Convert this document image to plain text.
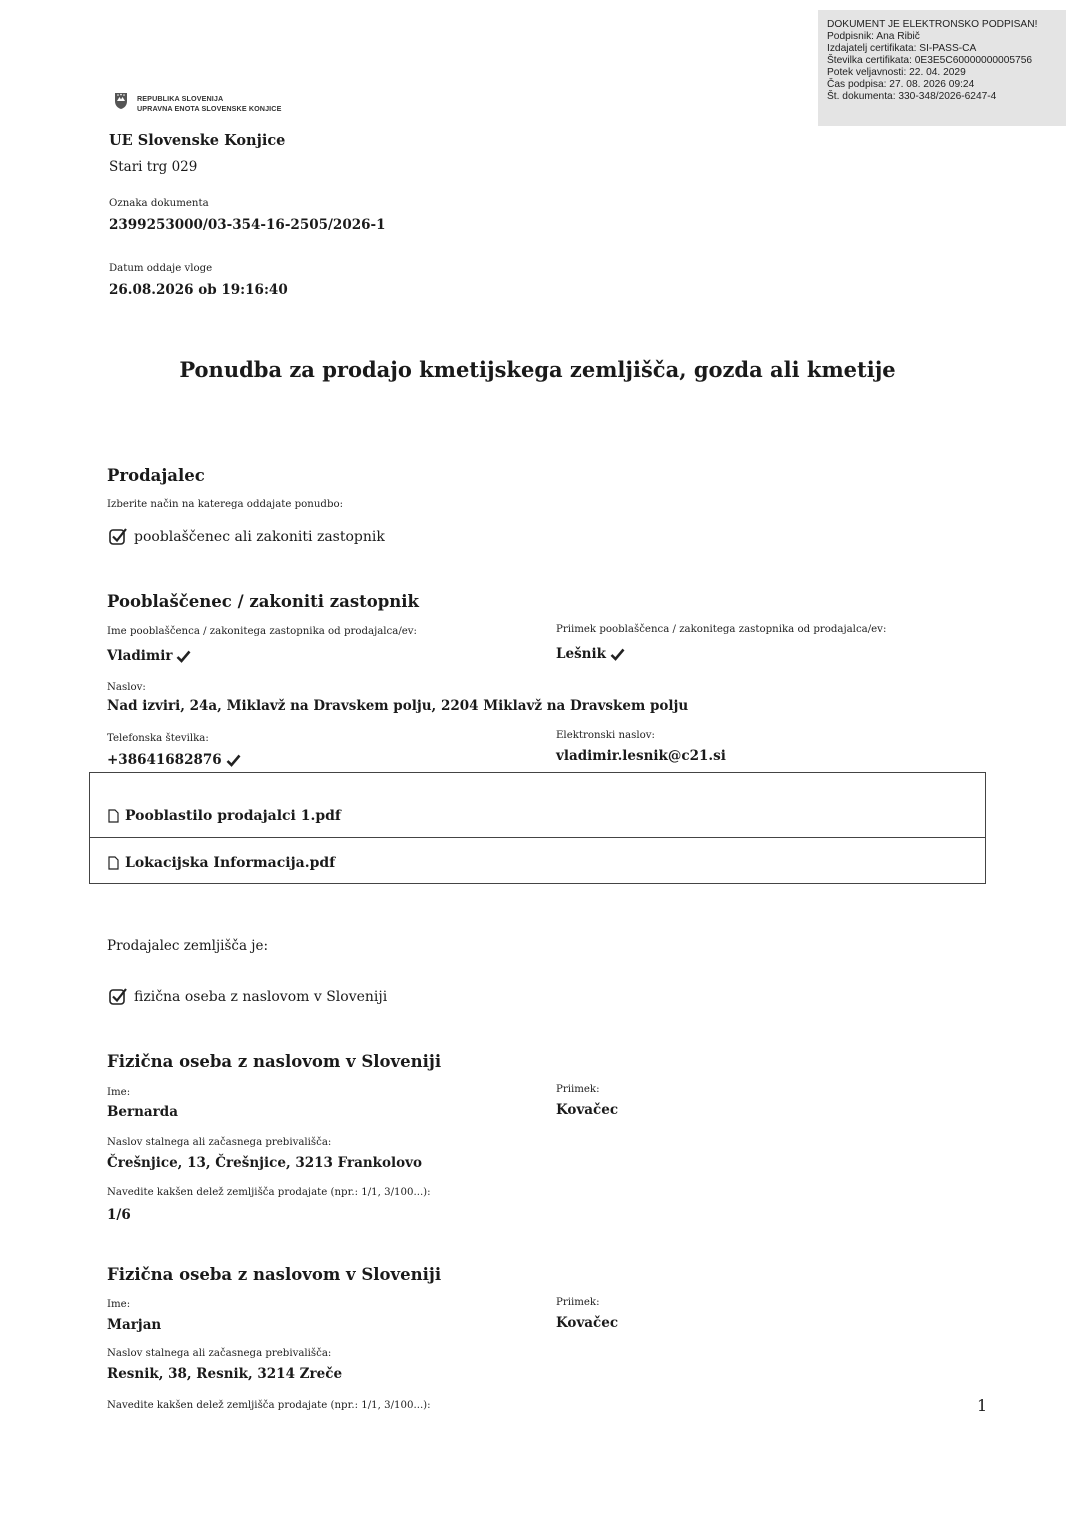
DOKUMENT JE ELEKTRONSKO PODPISAN!
Podpisnik: Ana Ribič
Izdajatelj certifikata: SI-PASS-CA
Številka certifikata: 0E3E5C60000000005756
Potek veljavnosti: 22. 04. 2029
Čas podpisa: 27. 08. 2026 09:24
Št. dokumenta: 330-348/2026-6247-4
REPUBLIKA SLOVENIJA
UPRAVNA ENOTA SLOVENSKE KONJICE
UE Slovenske Konjice
Stari trg 029
Oznaka dokumenta
2399253000/03-354-16-2505/2026-1
Datum oddaje vloge
26.08.2026 ob 19:16:40
Ponudba za prodajo kmetijskega zemljišča, gozda ali kmetije
Prodajalec
Izberite način na katerega oddajate ponudbo:
pooblaščenec ali zakoniti zastopnik
Pooblaščenec / zakoniti zastopnik
Ime pooblaščenca / zakonitega zastopnika od prodajalca/ev:
Vladimir
Priimek pooblaščenca / zakonitega zastopnika od prodajalca/ev:
Lešnik
Naslov:
Nad izviri, 24a, Miklavž na Dravskem polju, 2204 Miklavž na Dravskem polju
Telefonska številka:
+38641682876
Elektronski naslov:
vladimir.lesnik@c21.si
Pooblastilo prodajalci 1.pdf
Lokacijska Informacija.pdf
Prodajalec zemljišča je:
fizična oseba z naslovom v Sloveniji
Fizična oseba z naslovom v Sloveniji
Ime:
Bernarda
Priimek:
Kovačec
Naslov stalnega ali začasnega prebivališča:
Črešnjice, 13, Črešnjice, 3213 Frankolovo
Navedite kakšen delež zemljišča prodajate (npr.: 1/1, 3/100...):
1/6
Fizična oseba z naslovom v Sloveniji
Ime:
Marjan
Priimek:
Kovačec
Naslov stalnega ali začasnega prebivališča:
Resnik, 38, Resnik, 3214 Zreče
Navedite kakšen delež zemljišča prodajate (npr.: 1/1, 3/100...):	1
